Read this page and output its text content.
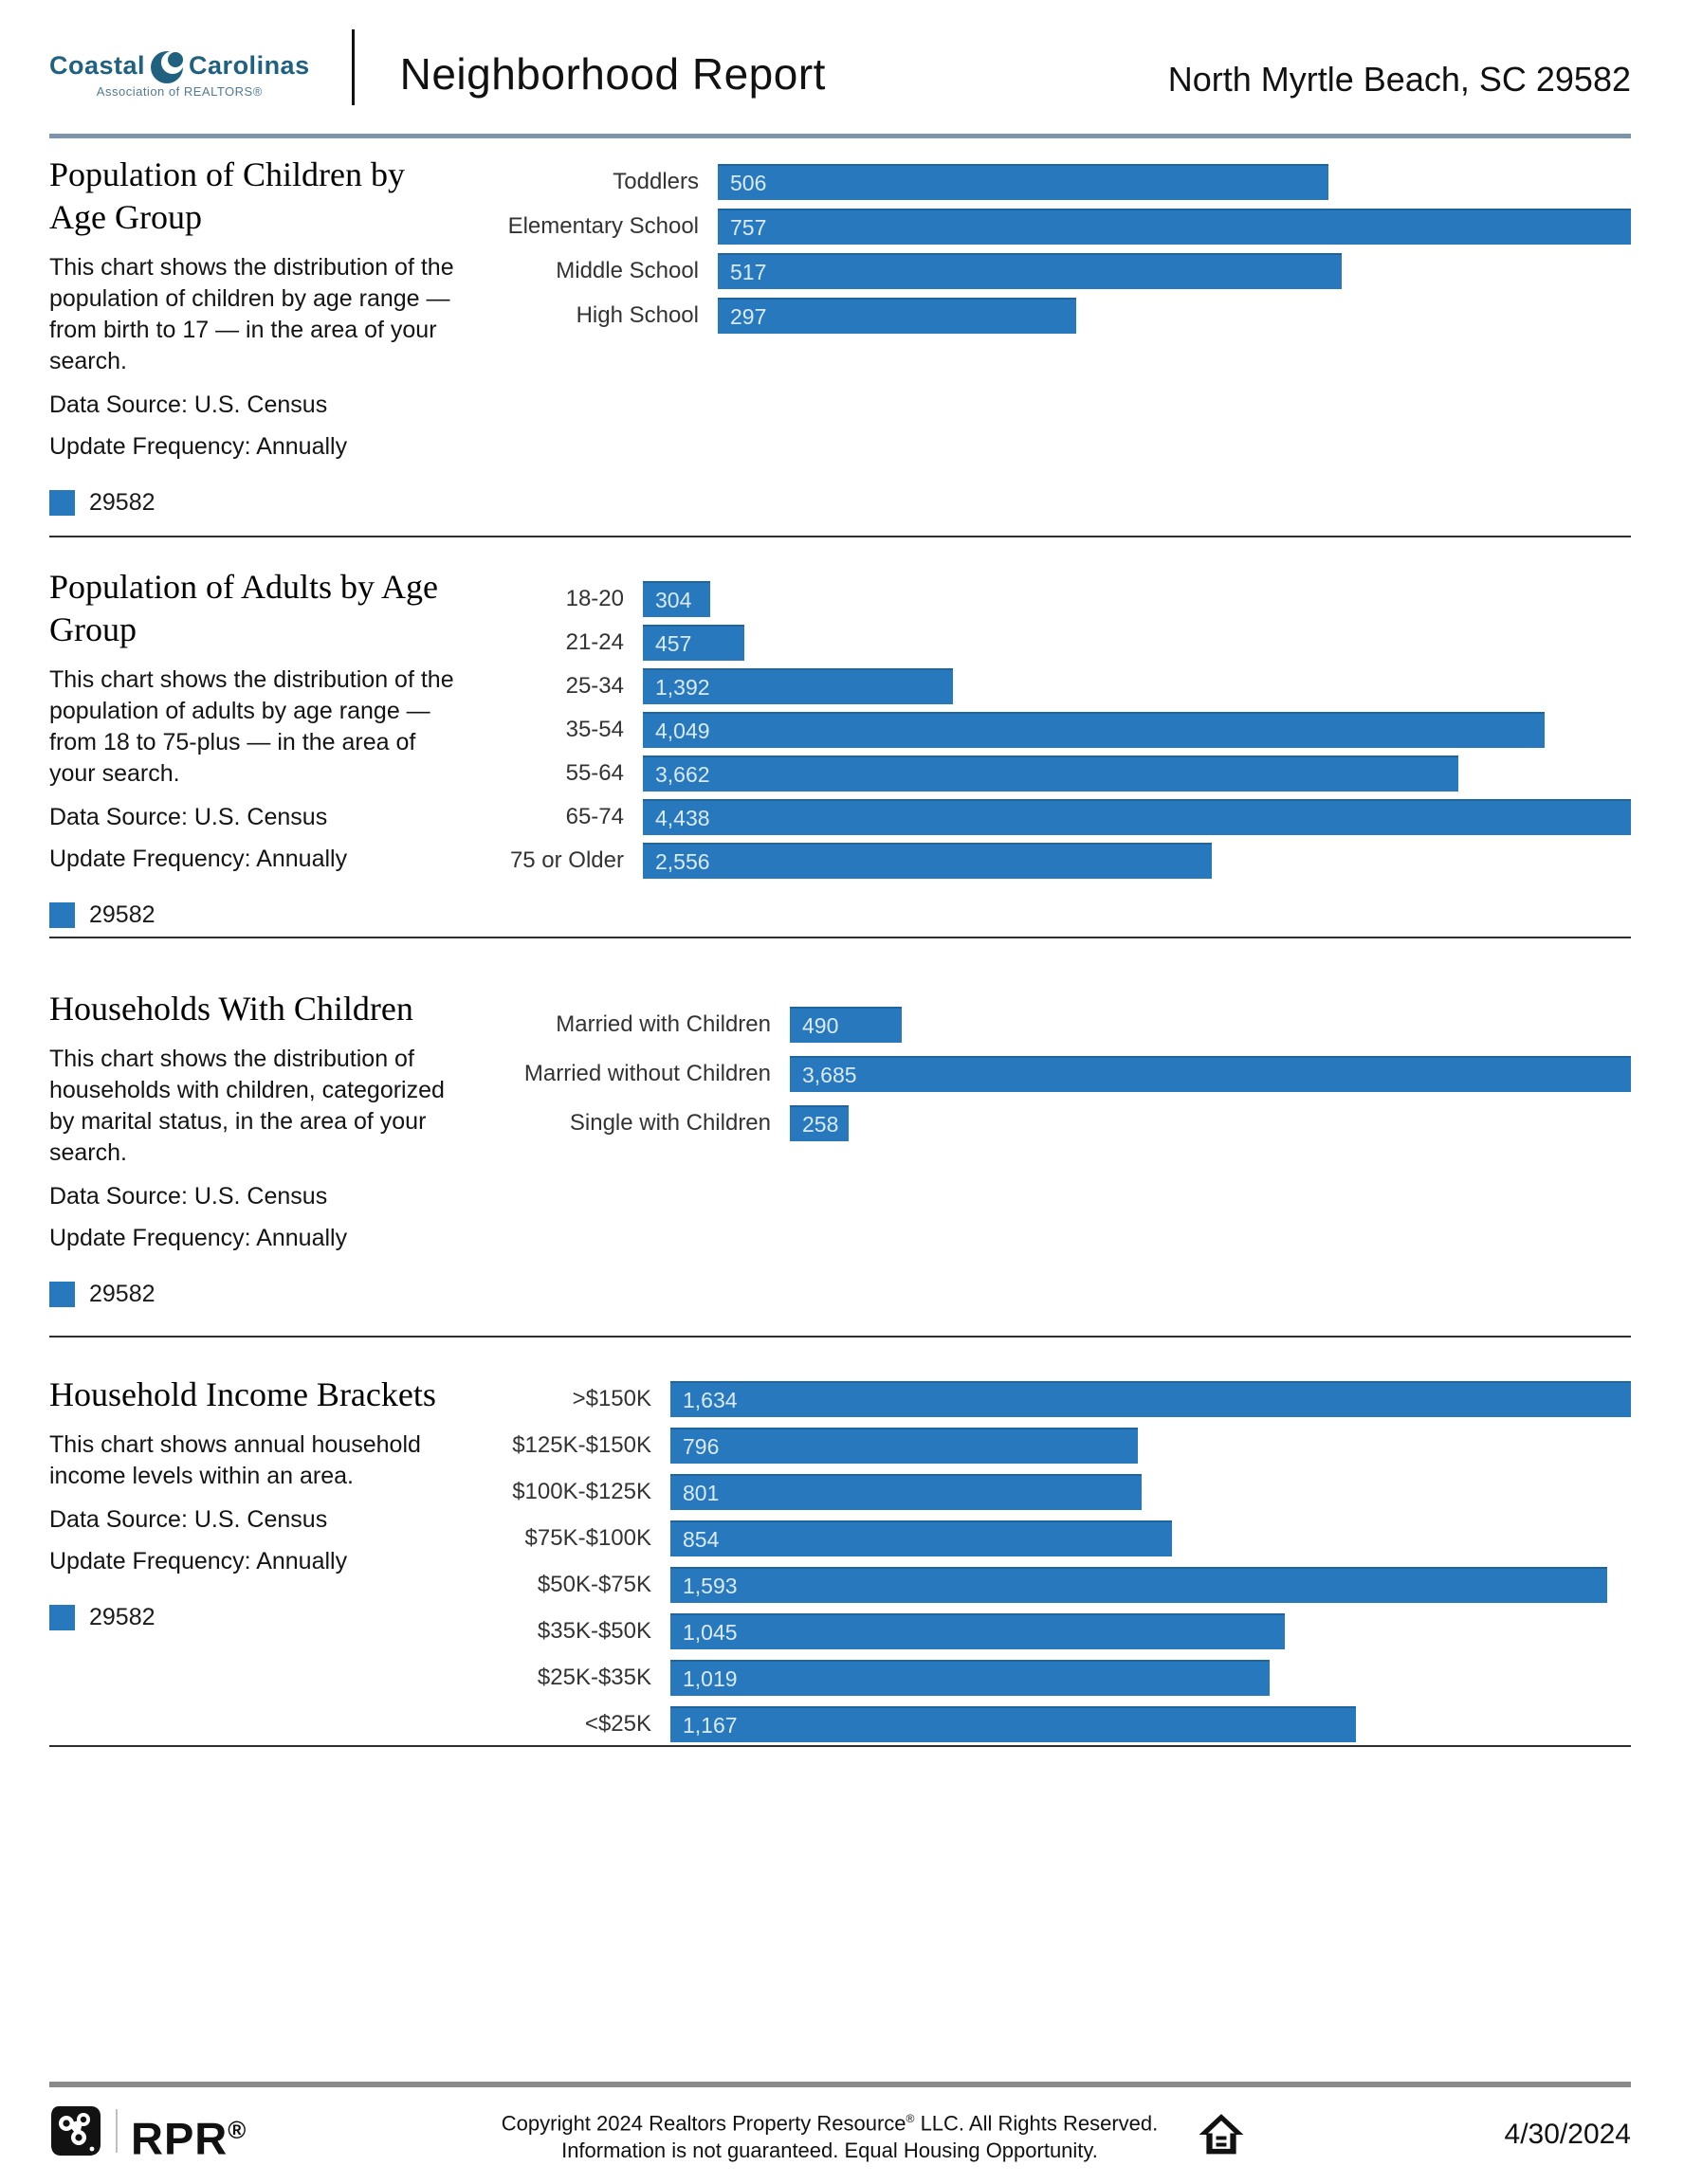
Coastal Carolinas
Association of REALTORS®	Neighborhood Report	North Myrtle Beach, SC 29582
Population of Children by Age Group
This chart shows the distribution of the population of children by age range — from birth to 17 — in the area of your search.
Data Source: U.S. Census
Update Frequency: Annually
29582
Toddlers	506
Elementary School	757
Middle School	517
High School	297
Population of Adults by Age Group
This chart shows the distribution of the population of adults by age range — from 18 to 75-plus — in the area of your search.
Data Source: U.S. Census
Update Frequency: Annually
29582
18-20	304
21-24	457
25-34	1,392
35-54	4,049
55-64	3,662
65-74	4,438
75 or Older	2,556
Households With Children
This chart shows the distribution of households with children, categorized by marital status, in the area of your search.
Data Source: U.S. Census
Update Frequency: Annually
29582
Married with Children	490
Married without Children	3,685
Single with Children	258
Household Income Brackets
This chart shows annual household income levels within an area.
Data Source: U.S. Census
Update Frequency: Annually
29582
>$150K	1,634
$125K-$150K	796
$100K-$125K	801
$75K-$100K	854
$50K-$75K	1,593
$35K-$50K	1,045
$25K-$35K	1,019
<$25K	1,167
RPR®	Copyright 2024 Realtors Property Resource® LLC. All Rights Reserved.
Information is not guaranteed. Equal Housing Opportunity.
4/30/2024
